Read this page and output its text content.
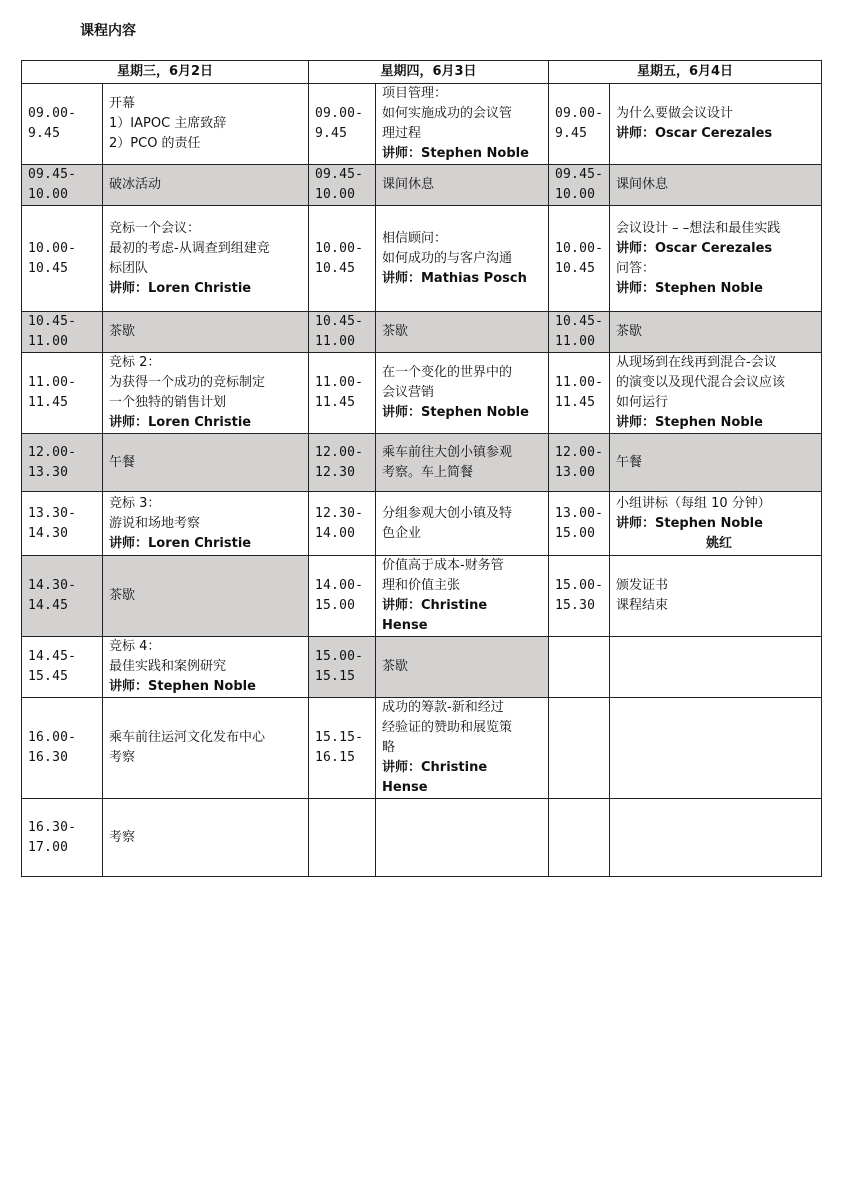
课程内容
星期三，6月2日		星期四，6月3日		星期五，6月4日	

09.00-
9.45	开幕
1）IAPOC 主席致辞
2）PCO 的责任	09.00-
9.45	项目管理：
如何实施成功的会议管
理过程
讲师：Stephen Noble	09.00-
9.45	为什么要做会议设计
讲师：Oscar Cerezales

09.45-
10.00	破冰活动	09.45-
10.00	课间休息	09.45-
10.00	课间休息

10.00-
10.45	竞标一个会议：
最初的考虑-从调查到组建竞
标团队
讲师：Loren Christie	10.00-
10.45	相信顾问：
如何成功的与客户沟通
讲师：Mathias Posch	10.00-
10.45	会议设计 – –想法和最佳实践
讲师：Oscar Cerezales
问答：
讲师：Stephen Noble

10.45-
11.00	茶歇	10.45-
11.00	茶歇	10.45-
11.00	茶歇

11.00-
11.45	竞标 2：
为获得一个成功的竞标制定
一个独特的销售计划
讲师：Loren Christie	11.00-
11.45	在一个变化的世界中的
会议营销
讲师：Stephen Noble	11.00-
11.45	从现场到在线再到混合-会议
的演变以及现代混合会议应该
如何运行
讲师：Stephen Noble

12.00-
13.30	午餐	12.00-
12.30	乘车前往大创小镇参观
考察。车上简餐	12.00-
13.00	午餐

13.30-
14.30	竞标 3：
游说和场地考察
讲师：Loren Christie	12.30-
14.00	分组参观大创小镇及特
色企业	13.00-
15.00	小组讲标（每组 10 分钟）
讲师：Stephen Noble
姚红

14.30-
14.45	茶歇	14.00-
15.00	价值高于成本-财务管
理和价值主张
讲师：Christine
Hense	15.00-
15.30	颁发证书
课程结束

14.45-
15.45	竞标 4：
最佳实践和案例研究
讲师：Stephen Noble	15.00-
15.15	茶歇		

16.00-
16.30	乘车前往运河文化发布中心
考察	15.15-
16.15	成功的筹款-新和经过
经验证的赞助和展览策
略
讲师：Christine
Hense		

16.30-
17.00	考察				
